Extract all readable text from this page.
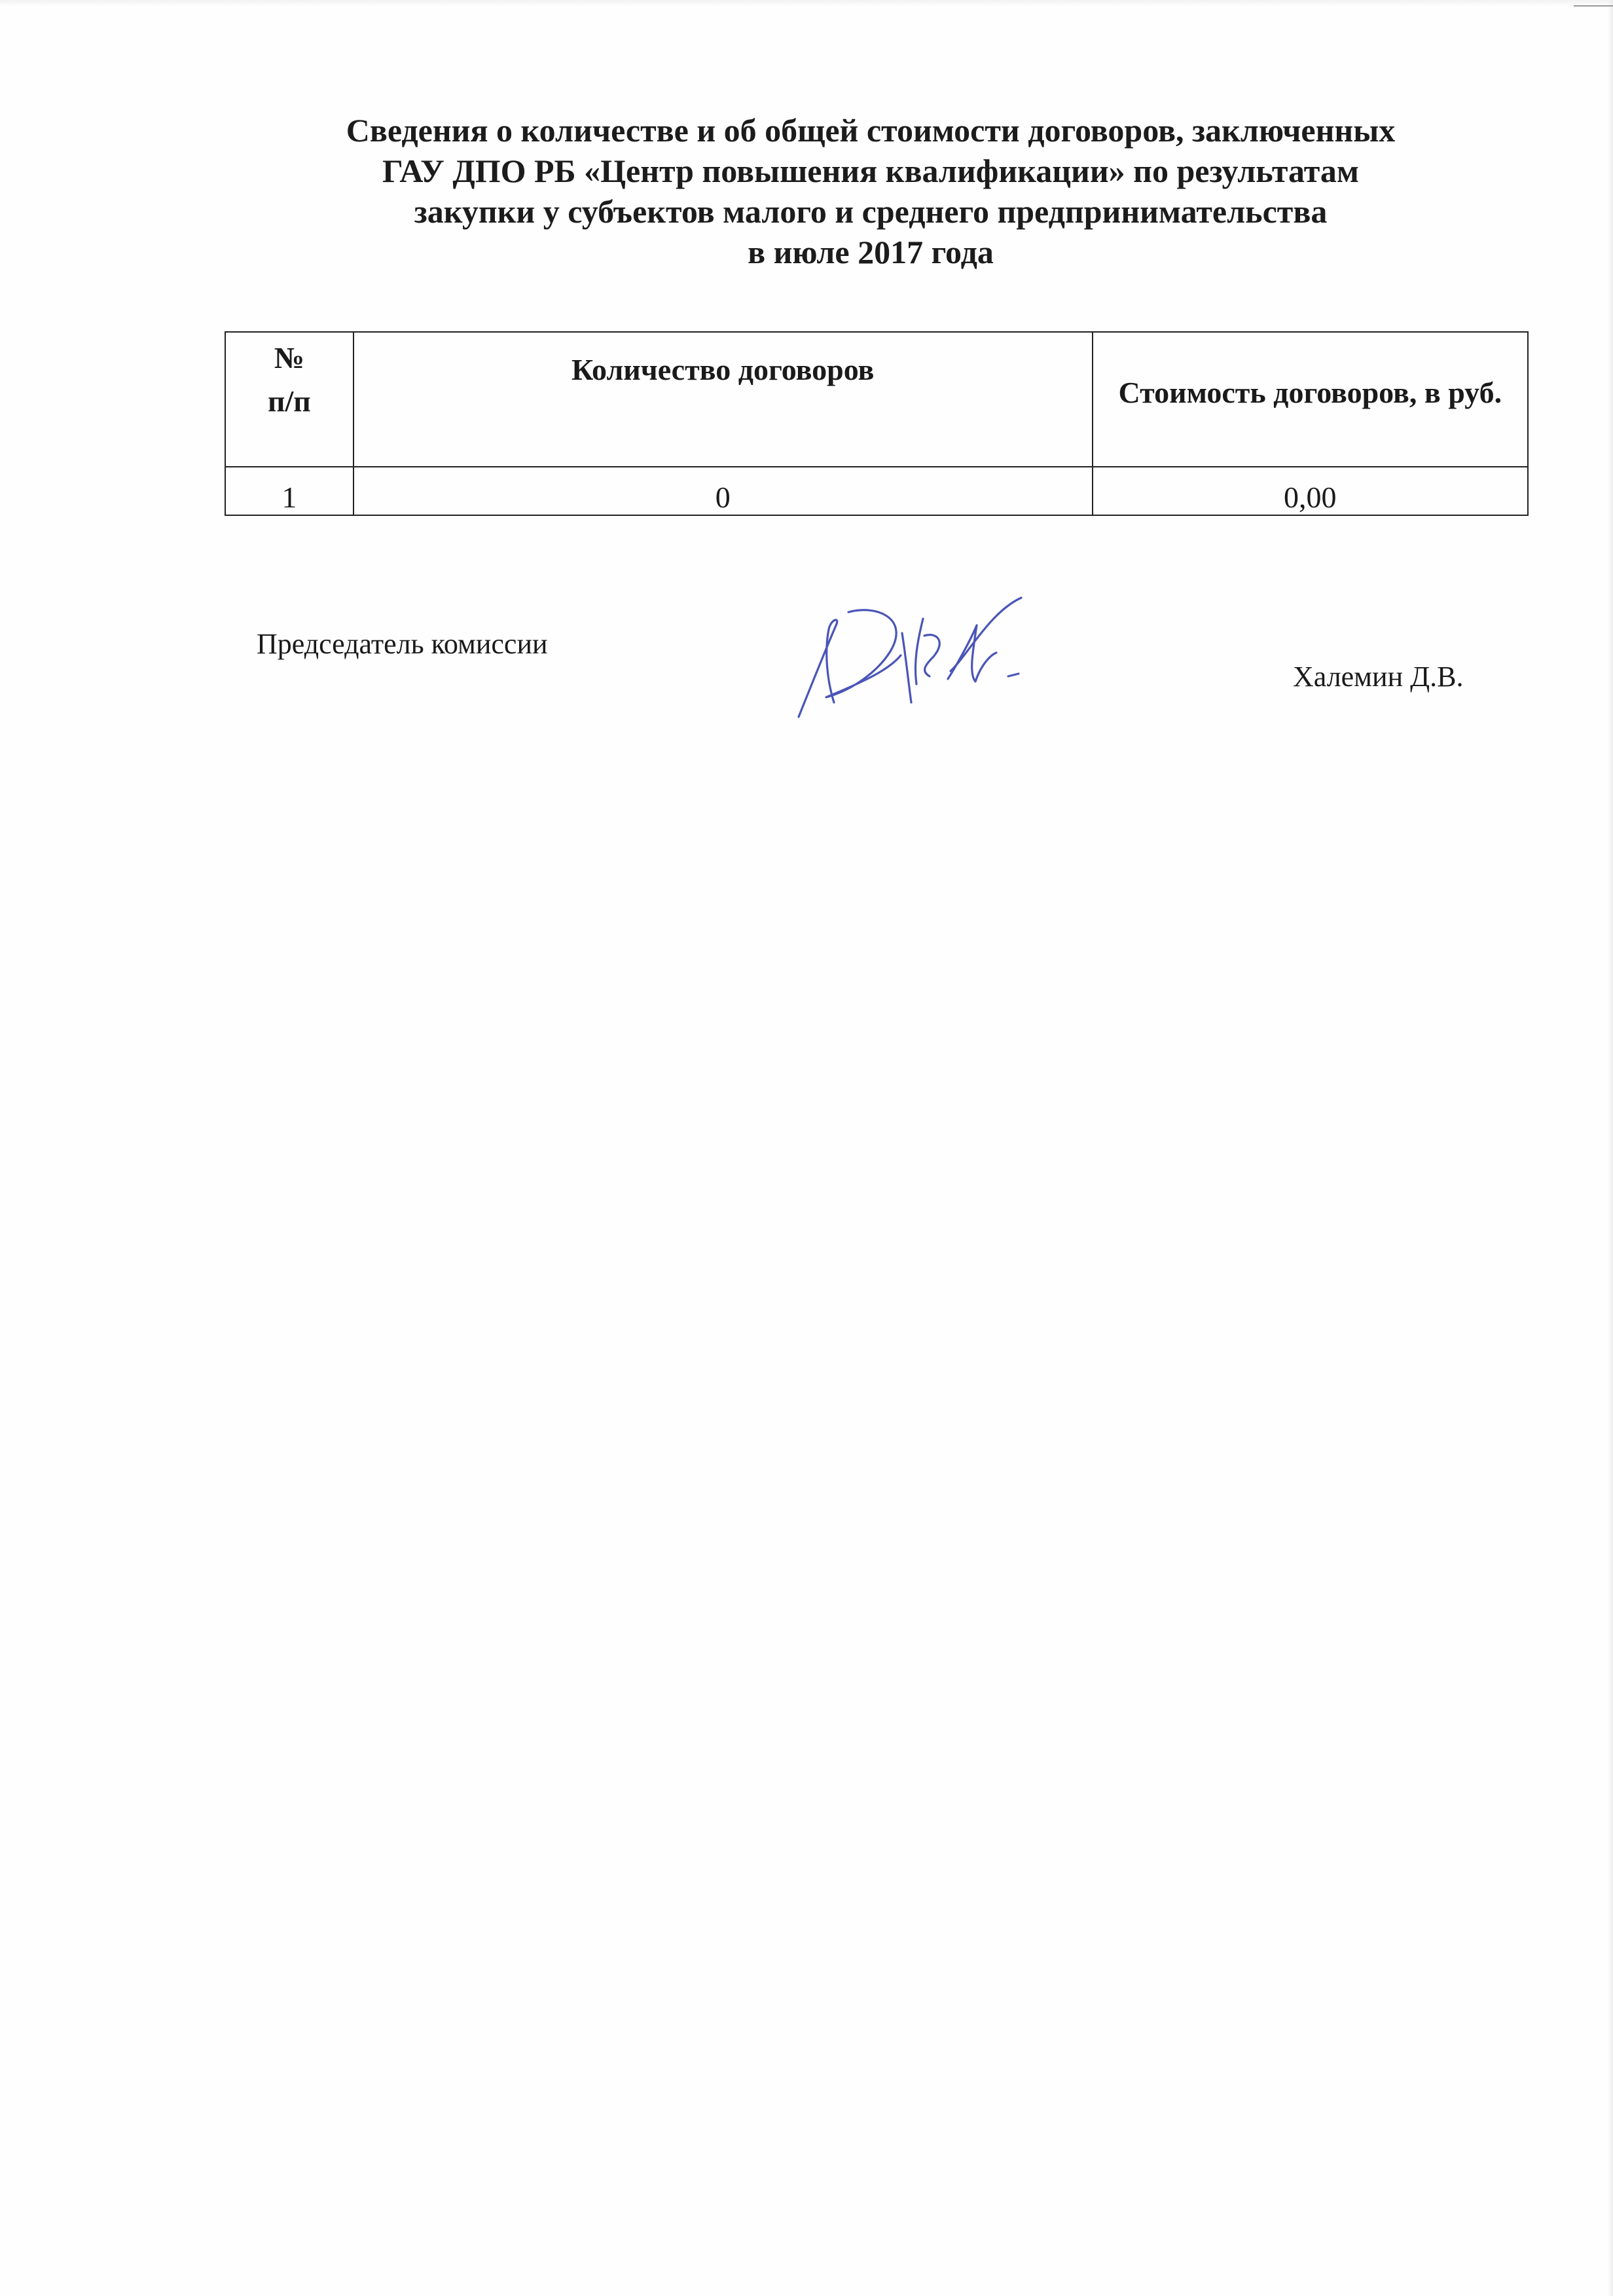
Сведения о количестве и об общей стоимости договоров, заключенных
ГАУ ДПО РБ «Центр повышения квалификации» по результатам
закупки у субъектов малого и среднего предпринимательства
в июле 2017 года
№
п/п	Количество договоров	Стоимость договоров, в руб.
1	0	0,00
Председатель комиссии
Халемин Д.В.
